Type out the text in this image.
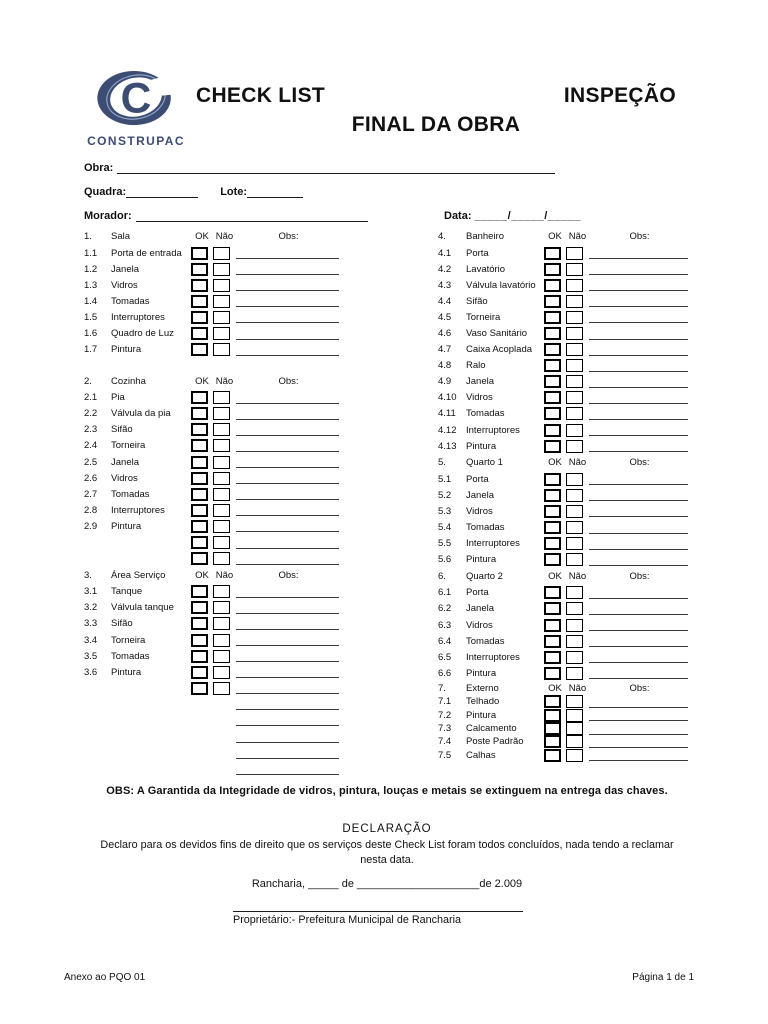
C
CONSTRUPAC
CHECK LIST	INSPEÇÃO
FINAL DA OBRA
Obra:
Quadra:	Lote:
Morador:	Data: _____/_____/_____
1.	Sala	OK Não	Obs:
1.1	Porta de entrada
1.2	Janela
1.3	Vidros
1.4	Tomadas
1.5	Interruptores
1.6	Quadro de Luz
1.7	Pintura
2.	Cozinha	OK Não	Obs:
2.1	Pia
2.2	Válvula da pia
2.3	Sifão
2.4	Torneira
2.5	Janela
2.6	Vidros
2.7	Tomadas
2.8	Interruptores
2.9	Pintura
3.	Área Serviço	OK Não	Obs:
3.1	Tanque
3.2	Válvula tanque
3.3	Sifão
3.4	Torneira
3.5	Tomadas
3.6	Pintura
4.	Banheiro	OK Não	Obs:
4.1	Porta
4.2	Lavatório
4.3	Válvula lavatório
4.4	Sifão
4.5	Torneira
4.6	Vaso Sanitário
4.7	Caixa Acoplada
4.8	Ralo
4.9	Janela
4.10	Vidros
4.11	Tomadas
4.12	Interruptores
4.13	Pintura
5.	Quarto 1	OK Não	Obs:
5.1	Porta
5.2	Janela
5.3	Vidros
5.4	Tomadas
5.5	Interruptores
5.6	Pintura
6.	Quarto 2	OK Não	Obs:
6.1	Porta
6.2	Janela
6.3	Vidros
6.4	Tomadas
6.5	Interruptores
6.6	Pintura
7.	Externo	OK Não	Obs:
7.1	Telhado
7.2	Pintura
7.3	Calcamento
7.4	Poste Padrão
7.5	Calhas
OBS: A Garantida da Integridade de vidros, pintura, louças e metais se extinguem na entrega das chaves.
DECLARAÇÃO
Declaro para os devidos fins de direito que os serviços deste Check List foram todos concluídos, nada tendo a reclamar nesta data.
Rancharia, _____ de ____________________de 2.009
Proprietário:- Prefeitura Municipal de Rancharia
Anexo ao PQO 01	Página 1 de 1
